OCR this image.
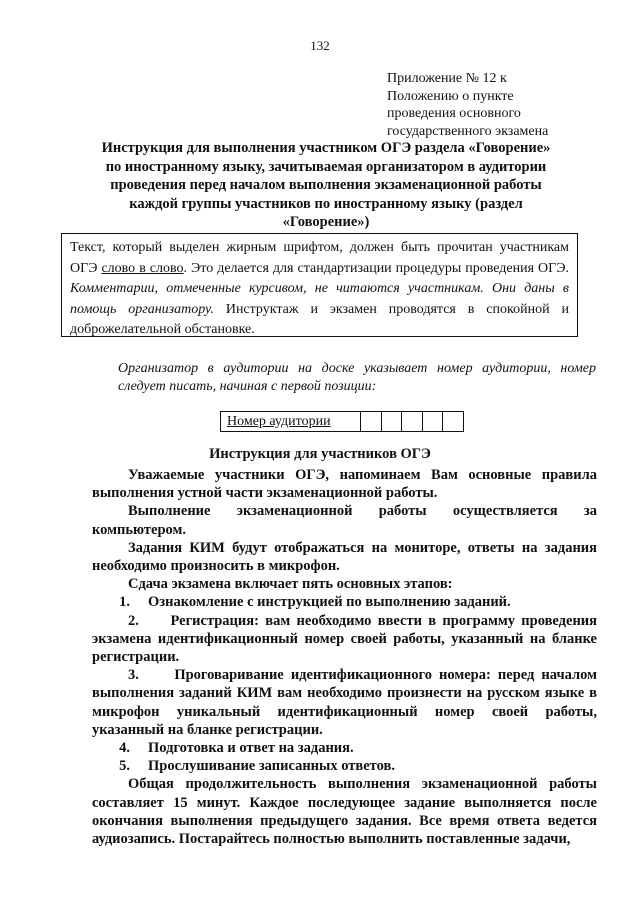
132
Приложение № 12 к
Положению о пункте
проведения основного
государственного экзамена
Инструкция для выполнения участником ОГЭ раздела «Говорение» по иностранному языку, зачитываемая организатором в аудитории проведения перед началом выполнения экзаменационной работы каждой группы участников по иностранному языку (раздел «Говорение»)
Текст, который выделен жирным шрифтом, должен быть прочитан участникам ОГЭ слово в слово. Это делается для стандартизации процедуры проведения ОГЭ. Комментарии, отмеченные курсивом, не читаются участникам. Они даны в помощь организатору. Инструктаж и экзамен проводятся в спокойной и доброжелательной обстановке.
Организатор в аудитории на доске указывает номер аудитории, номер следует писать, начиная с первой позиции:
Номер аудитории
Инструкция для участников ОГЭ

Уважаемые участники ОГЭ, напоминаем Вам основные правила выполнения устной части экзаменационной работы.

Выполнение экзаменационной работы осуществляется за компьютером.

Задания КИМ будут отображаться на мониторе, ответы на задания необходимо произносить в микрофон.

Сдача экзамена включает пять основных этапов:

1.	Ознакомление с инструкцией по выполнению заданий.

2. Регистрация: вам необходимо ввести в программу проведения экзамена идентификационный номер своей работы, указанный на бланке регистрации.

3. Проговаривание идентификационного номера: перед началом выполнения заданий КИМ вам необходимо произнести на русском языке в микрофон уникальный идентификационный номер своей работы, указанный на бланке регистрации.

4.	Подготовка и ответ на задания.
5.	Прослушивание записанных ответов.

Общая продолжительность выполнения экзаменационной работы составляет 15 минут. Каждое последующее задание выполняется после окончания выполнения предыдущего задания. Все время ответа ведется аудиозапись. Постарайтесь полностью выполнить поставленные задачи,
